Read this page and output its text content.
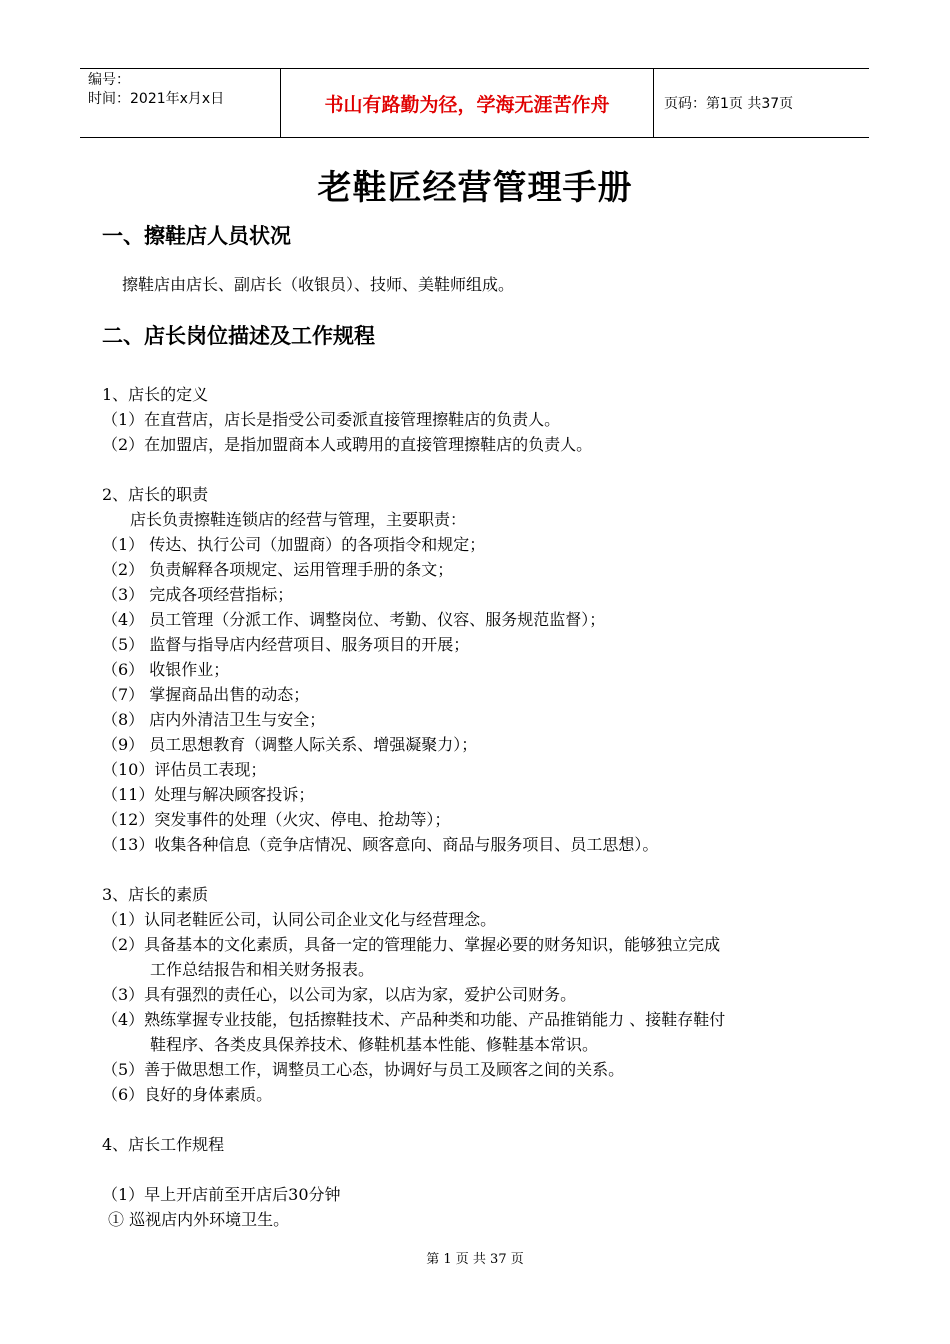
编号：
时间：2021年x月x日	书山有路勤为径，学海无涯苦作舟	页码：第1页 共37页
老鞋匠经营管理手册
一、擦鞋店人员状况
擦鞋店由店长、副店长（收银员）、技师、美鞋师组成。
二、店长岗位描述及工作规程
1、店长的定义
（1）在直营店，店长是指受公司委派直接管理擦鞋店的负责人。
（2）在加盟店，是指加盟商本人或聘用的直接管理擦鞋店的负责人。
2、店长的职责
店长负责擦鞋连锁店的经营与管理，主要职责：
（1） 传达、执行公司（加盟商）的各项指令和规定；
（2） 负责解释各项规定、运用管理手册的条文；
（3） 完成各项经营指标；
（4） 员工管理（分派工作、调整岗位、考勤、仪容、服务规范监督）；
（5） 监督与指导店内经营项目、服务项目的开展；
（6） 收银作业；
（7） 掌握商品出售的动态；
（8） 店内外清洁卫生与安全；
（9） 员工思想教育（调整人际关系、增强凝聚力）；
（10）评估员工表现；
（11）处理与解决顾客投诉；
（12）突发事件的处理（火灾、停电、抢劫等）；
（13）收集各种信息（竞争店情况、顾客意向、商品与服务项目、员工思想）。
3、店长的素质
（1）认同老鞋匠公司，认同公司企业文化与经营理念。
（2）具备基本的文化素质，具备一定的管理能力、掌握必要的财务知识，能够独立完成
工作总结报告和相关财务报表。
（3）具有强烈的责任心，以公司为家，以店为家，爱护公司财务。
（4）熟练掌握专业技能，包括擦鞋技术、产品种类和功能、产品推销能力 、接鞋存鞋付
鞋程序、各类皮具保养技术、修鞋机基本性能、修鞋基本常识。
（5）善于做思想工作，调整员工心态，协调好与员工及顾客之间的关系。
（6）良好的身体素质。
4、店长工作规程
（1）早上开店前至开店后30分钟
① 巡视店内外环境卫生。
第 1 页 共 37 页
